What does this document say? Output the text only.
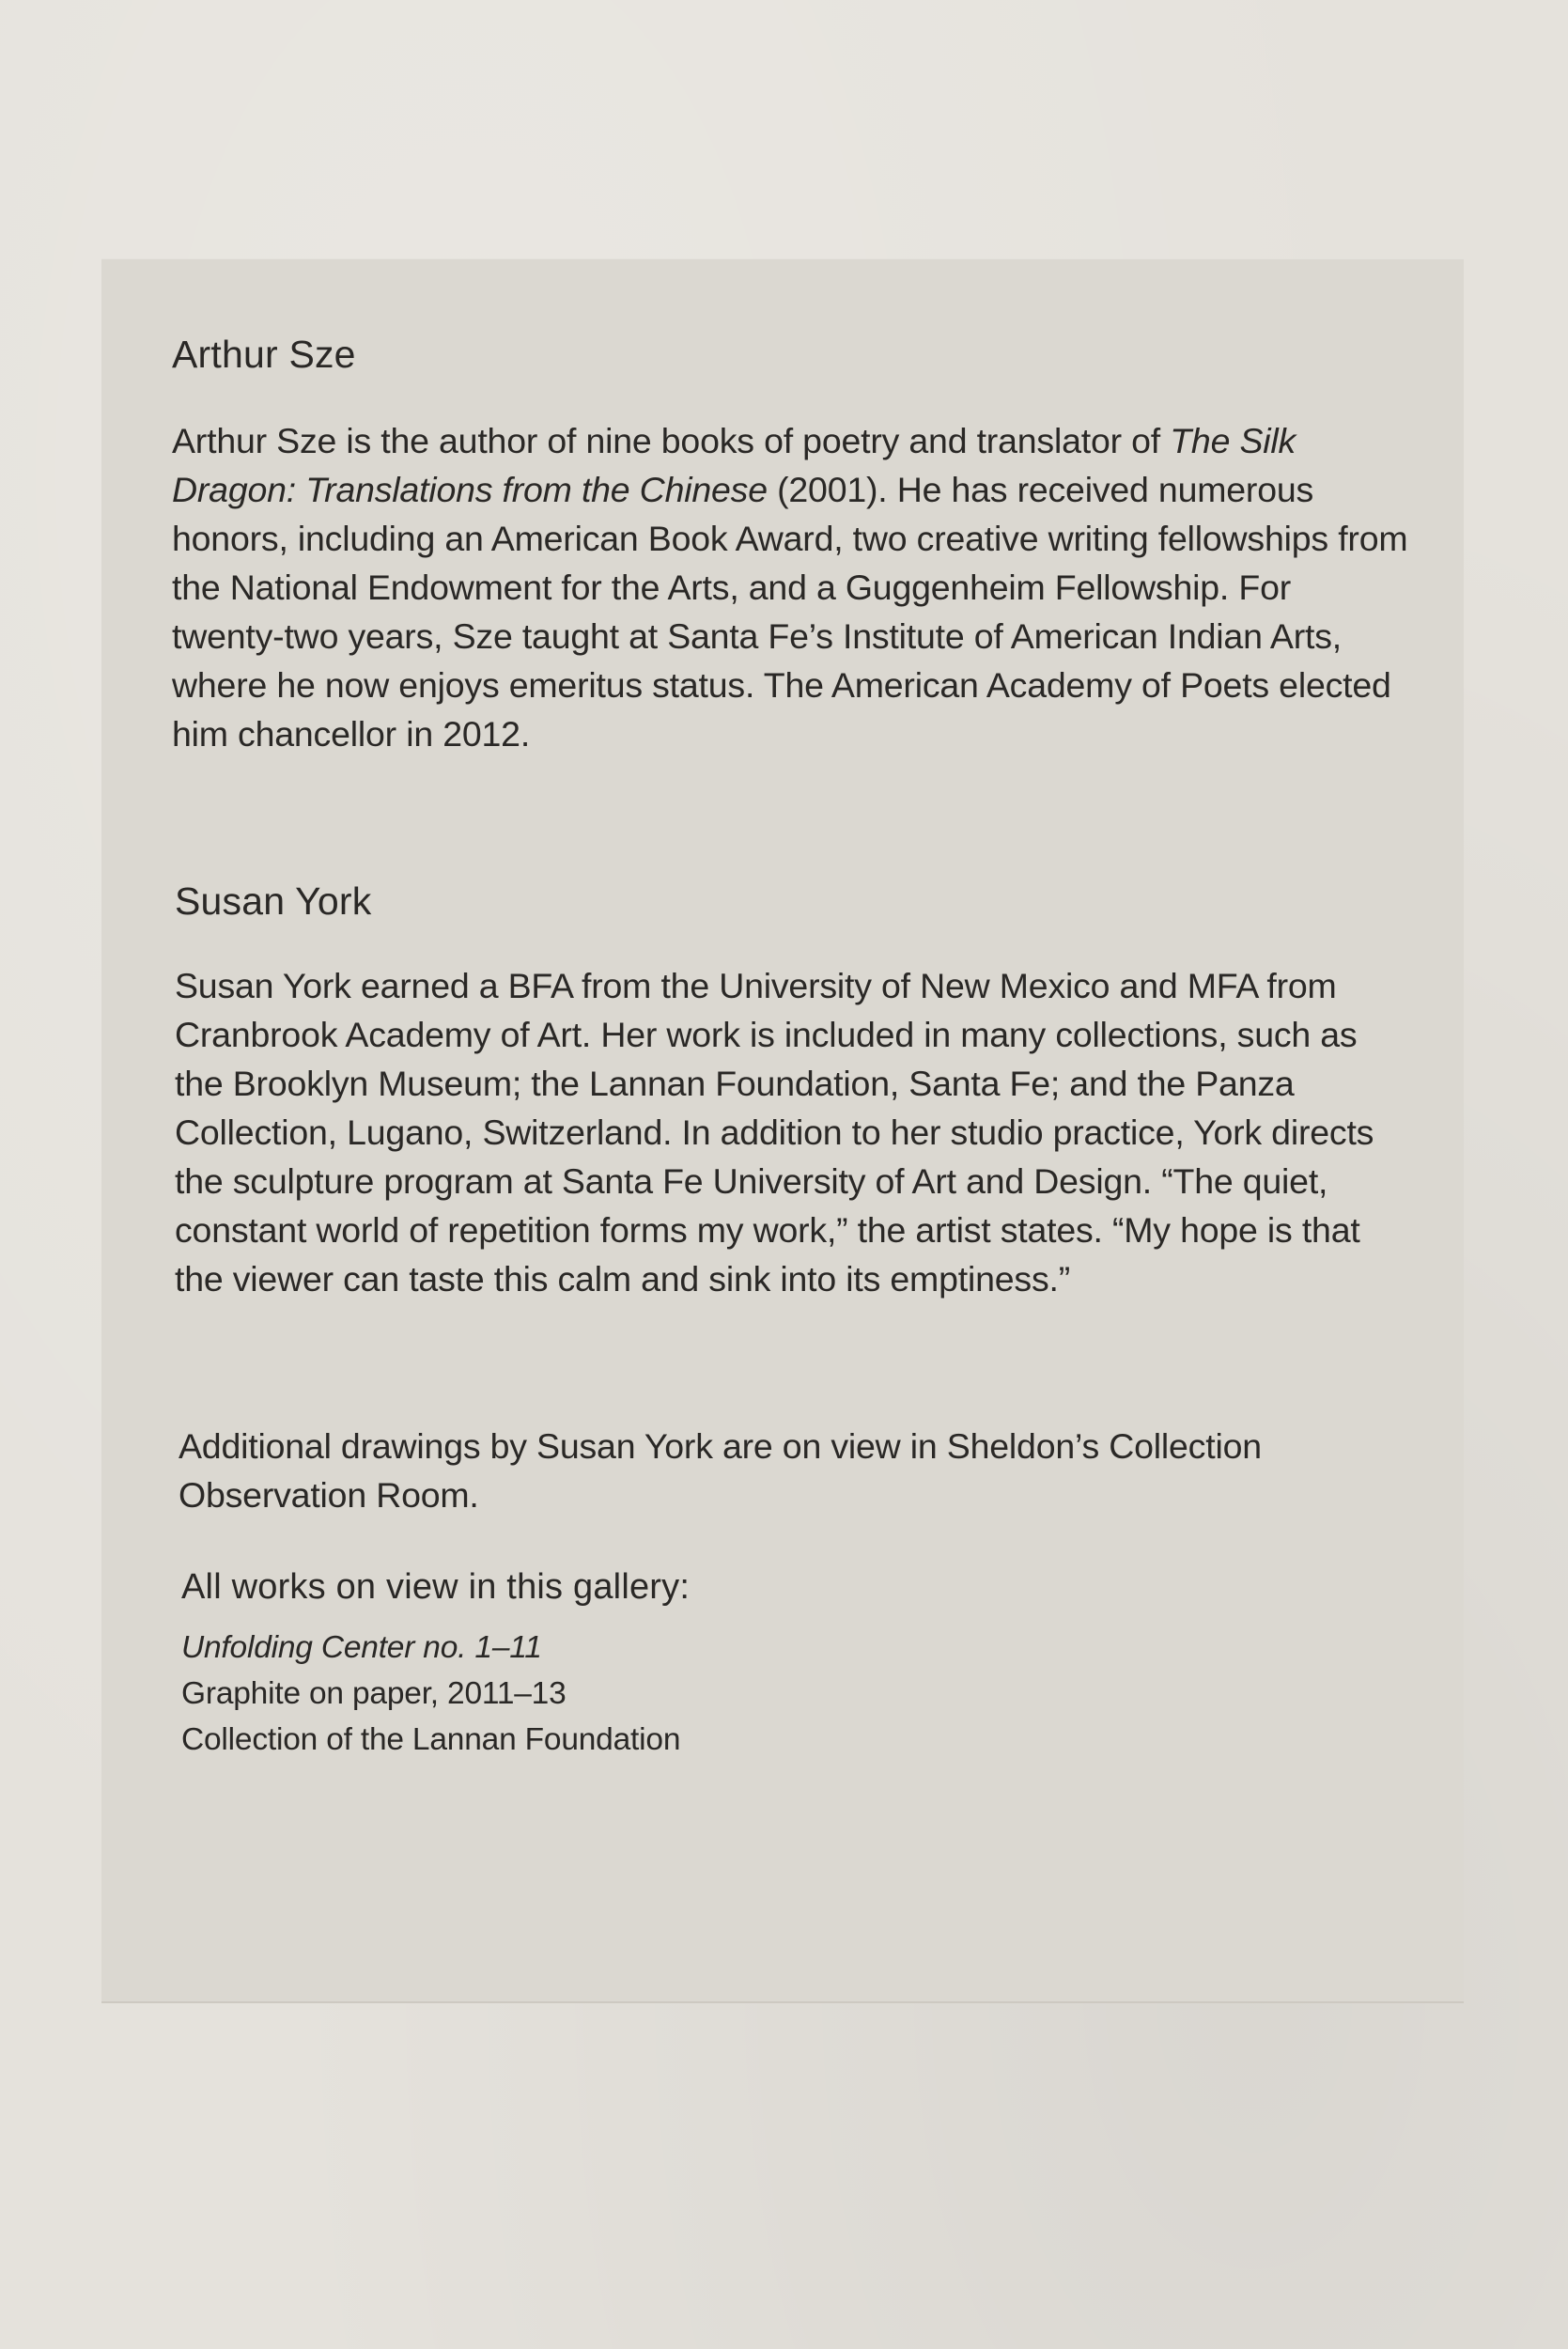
Arthur Sze

Arthur Sze is the author of nine books of poetry and translator of The Silk Dragon: Translations from the Chinese (2001). He has received numerous honors, including an American Book Award, two creative writing fellowships from the National Endowment for the Arts, and a Guggenheim Fellowship. For twenty-two years, Sze taught at Santa Fe’s Institute of American Indian Arts, where he now enjoys emeritus status. The American Academy of Poets elected him chancellor in 2012.

Susan York

Susan York earned a BFA from the University of New Mexico and MFA from Cranbrook Academy of Art. Her work is included in many collections, such as the Brooklyn Museum; the Lannan Foundation, Santa Fe; and the Panza Collection, Lugano, Switzerland. In addition to her studio practice, York directs the sculpture program at Santa Fe University of Art and Design. “The quiet, constant world of repetition forms my work,” the artist states. “My hope is that the viewer can taste this calm and sink into its emptiness.”

Additional drawings by Susan York are on view in Sheldon’s Collection Observation Room.

All works on view in this gallery:

Unfolding Center no. 1–11

Graphite on paper, 2011–13

Collection of the Lannan Foundation
